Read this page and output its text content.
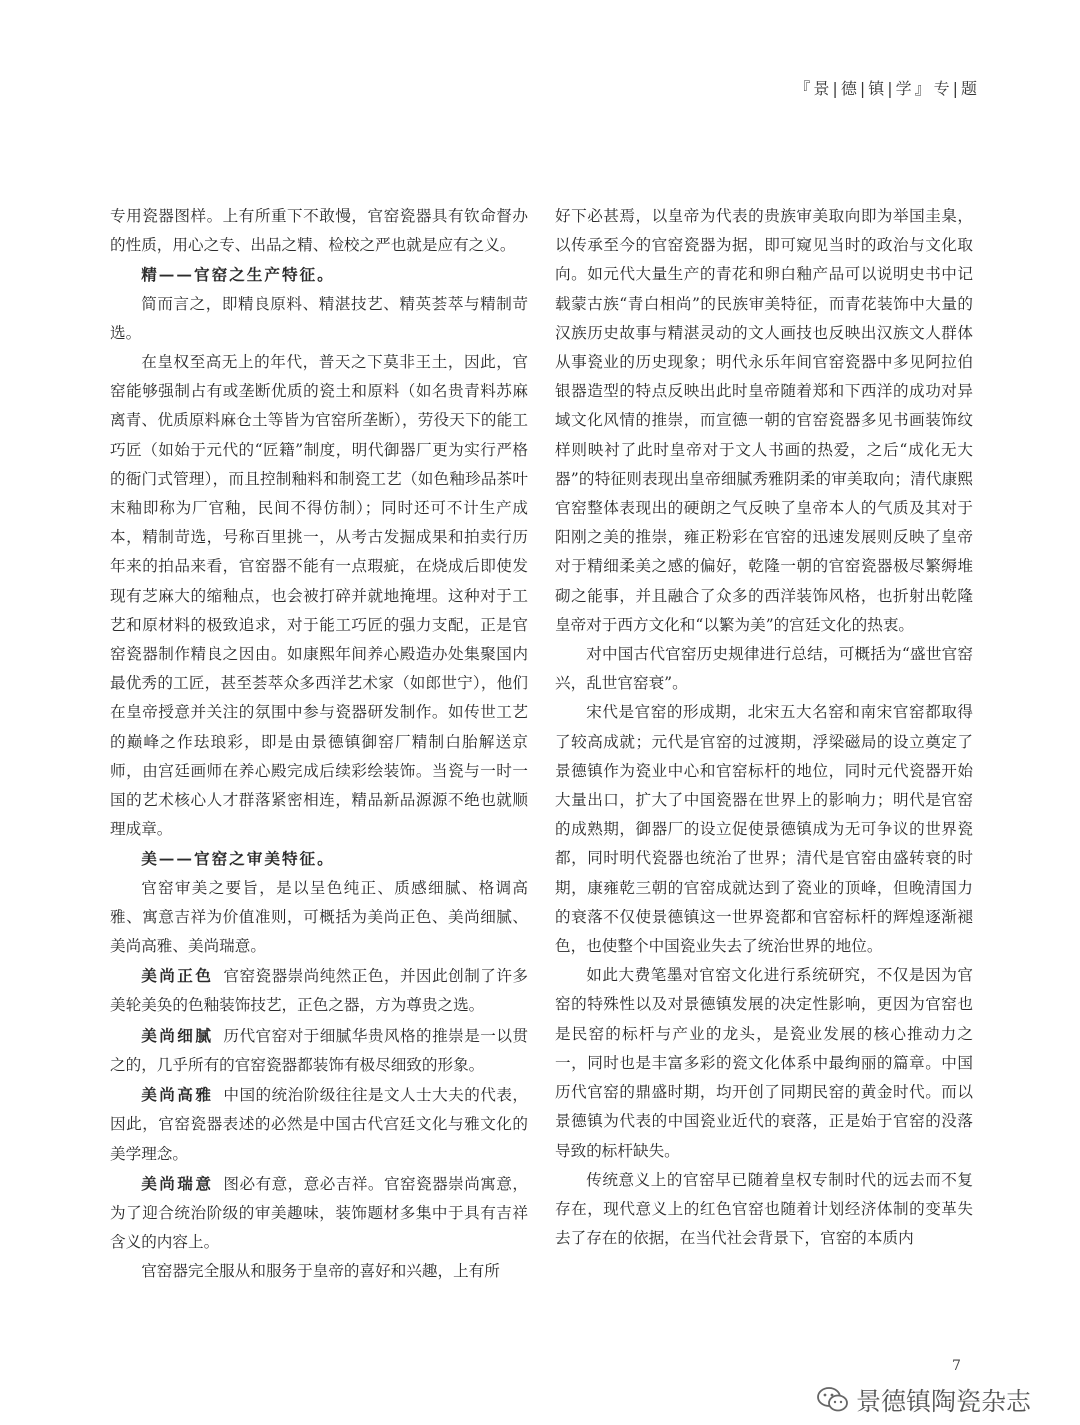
『景|德|镇|学』专|题

专用瓷器图样。上有所重下不敢慢，官窑瓷器具有钦命督办的性质，用心之专、出品之精、检校之严也就是应有之义。

精——官窑之生产特征。

简而言之，即精良原料、精湛技艺、精英荟萃与精制苛选。

在皇权至高无上的年代，普天之下莫非王土，因此，官窑能够强制占有或垄断优质的瓷土和原料（如名贵青料苏麻离青、优质原料麻仓土等皆为官窑所垄断），劳役天下的能工巧匠（如始于元代的“匠籍”制度，明代御器厂更为实行严格的衙门式管理），而且控制釉料和制瓷工艺（如色釉珍品茶叶末釉即称为厂官釉，民间不得仿制）；同时还可不计生产成本，精制苛选，号称百里挑一，从考古发掘成果和拍卖行历年来的拍品来看，官窑器不能有一点瑕疵，在烧成后即使发现有芝麻大的缩釉点，也会被打碎并就地掩埋。这种对于工艺和原材料的极致追求，对于能工巧匠的强力支配，正是官窑瓷器制作精良之因由。如康熙年间养心殿造办处集聚国内最优秀的工匠，甚至荟萃众多西洋艺术家（如郎世宁），他们在皇帝授意并关注的氛围中参与瓷器研发制作。如传世工艺的巅峰之作珐琅彩，即是由景德镇御窑厂精制白胎解送京师，由宫廷画师在养心殿完成后续彩绘装饰。当瓷与一时一国的艺术核心人才群落紧密相连，精品新品源源不绝也就顺理成章。

美——官窑之审美特征。

官窑审美之要旨，是以呈色纯正、质感细腻、格调高雅、寓意吉祥为价值准则，可概括为美尚正色、美尚细腻、美尚高雅、美尚瑞意。

美尚正色 官窑瓷器崇尚纯然正色，并因此创制了许多美轮美奂的色釉装饰技艺，正色之器，方为尊贵之选。

美尚细腻 历代官窑对于细腻华贵风格的推崇是一以贯之的，几乎所有的官窑瓷器都装饰有极尽细致的形象。

美尚高雅 中国的统治阶级往往是文人士大夫的代表，因此，官窑瓷器表述的必然是中国古代宫廷文化与雅文化的美学理念。

美尚瑞意 图必有意，意必吉祥。官窑瓷器崇尚寓意，为了迎合统治阶级的审美趣味，装饰题材多集中于具有吉祥含义的内容上。

官窑器完全服从和服务于皇帝的喜好和兴趣，上有所

好下必甚焉，以皇帝为代表的贵族审美取向即为举国圭臬，以传承至今的官窑瓷器为据，即可窥见当时的政治与文化取向。如元代大量生产的青花和卵白釉产品可以说明史书中记载蒙古族“青白相尚”的民族审美特征，而青花装饰中大量的汉族历史故事与精湛灵动的文人画技也反映出汉族文人群体从事瓷业的历史现象；明代永乐年间官窑瓷器中多见阿拉伯银器造型的特点反映出此时皇帝随着郑和下西洋的成功对异域文化风情的推崇，而宣德一朝的官窑瓷器多见书画装饰纹样则映衬了此时皇帝对于文人书画的热爱，之后“成化无大器”的特征则表现出皇帝细腻秀雅阴柔的审美取向；清代康熙官窑整体表现出的硬朗之气反映了皇帝本人的气质及其对于阳刚之美的推崇，雍正粉彩在官窑的迅速发展则反映了皇帝对于精细柔美之感的偏好，乾隆一朝的官窑瓷器极尽繁缛堆砌之能事，并且融合了众多的西洋装饰风格，也折射出乾隆皇帝对于西方文化和“以繁为美”的宫廷文化的热衷。

对中国古代官窑历史规律进行总结，可概括为“盛世官窑兴，乱世官窑衰”。

宋代是官窑的形成期，北宋五大名窑和南宋官窑都取得了较高成就；元代是官窑的过渡期，浮梁磁局的设立奠定了景德镇作为瓷业中心和官窑标杆的地位，同时元代瓷器开始大量出口，扩大了中国瓷器在世界上的影响力；明代是官窑的成熟期，御器厂的设立促使景德镇成为无可争议的世界瓷都，同时明代瓷器也统治了世界；清代是官窑由盛转衰的时期，康雍乾三朝的官窑成就达到了瓷业的顶峰，但晚清国力的衰落不仅使景德镇这一世界瓷都和官窑标杆的辉煌逐渐褪色，也使整个中国瓷业失去了统治世界的地位。

如此大费笔墨对官窑文化进行系统研究，不仅是因为官窑的特殊性以及对景德镇发展的决定性影响，更因为官窑也是民窑的标杆与产业的龙头，是瓷业发展的核心推动力之一，同时也是丰富多彩的瓷文化体系中最绚丽的篇章。中国历代官窑的鼎盛时期，均开创了同期民窑的黄金时代。而以景德镇为代表的中国瓷业近代的衰落，正是始于官窑的没落导致的标杆缺失。

传统意义上的官窑早已随着皇权专制时代的远去而不复存在，现代意义上的红色官窑也随着计划经济体制的变革失去了存在的依据，在当代社会背景下，官窑的本质内

7
景德镇陶瓷杂志
